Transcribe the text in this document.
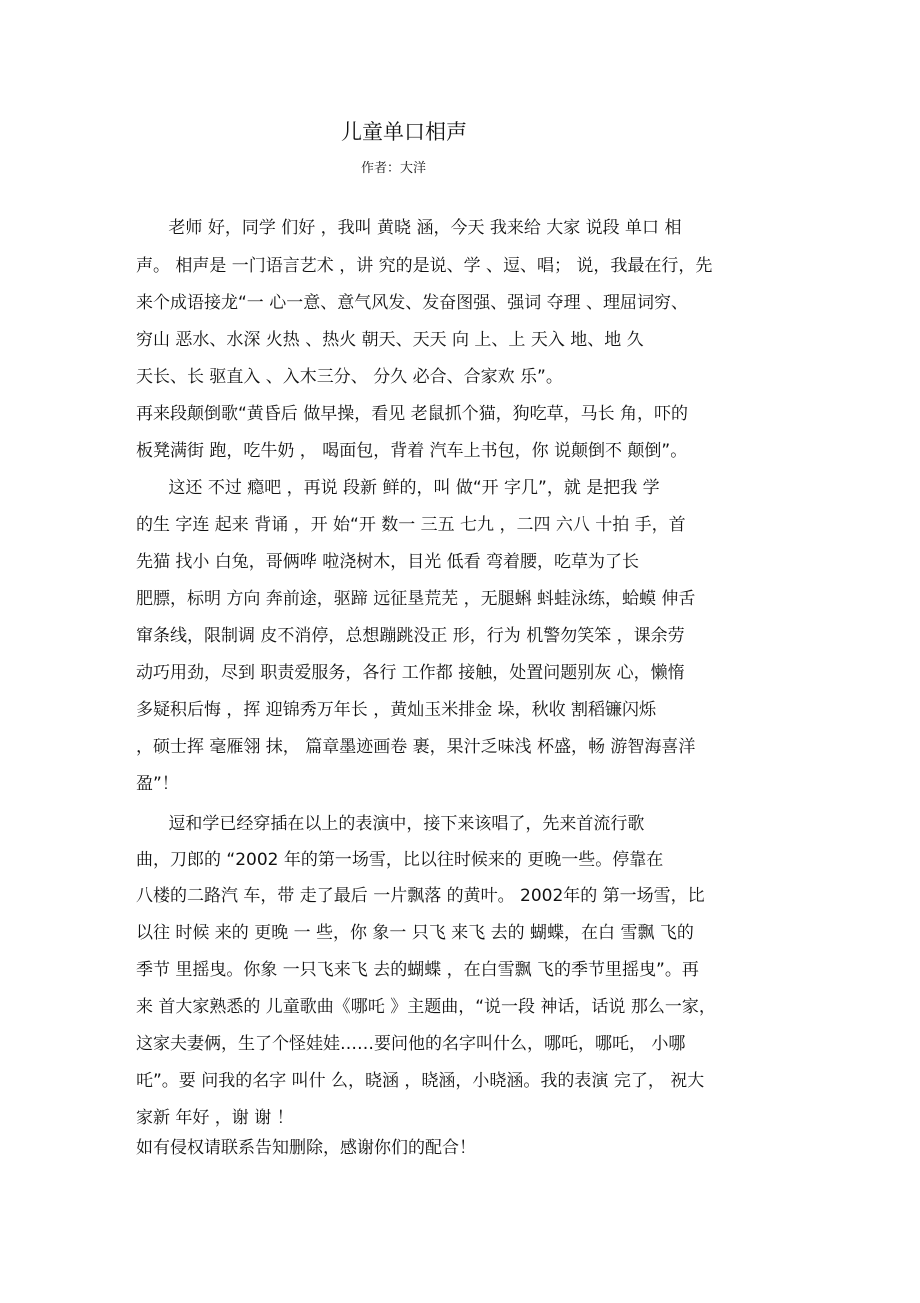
儿童单口相声
作者：大洋
老师 好，同学 们好 ，我叫 黄晓 涵，今天 我来给 大家 说段 单口 相
声。 相声是 一门语言艺术 ，讲 究的是说、学 、逗、唱； 说，我最在行，先
来个成语接龙“一 心一意、意气风发、发奋图强、强词 夺理 、理屈词穷、
穷山 恶水、水深 火热 、热火 朝天、天天 向 上、上 天入 地、地 久
天长、长 驱直入 、入木三分、 分久 必合、合家欢 乐”。
再来段颠倒歌“黄昏后 做早操，看见 老鼠抓个猫，狗吃草，马长 角，吓的
板凳满街 跑，吃牛奶 ， 喝面包，背着 汽车上书包，你 说颠倒不 颠倒”。
这还 不过 瘾吧 ，再说 段新 鲜的，叫 做“开 字几”，就 是把我 学
的生 字连 起来 背诵 ，开 始“开 数一 三五 七九 ，二四 六八 十拍 手，首
先猫 找小 白兔，哥俩哗 啦浇树木，目光 低看 弯着腰，吃草为了长
肥膘，标明 方向 奔前途，驱蹄 远征垦荒芜 ，无腿蝌 蚪蛙泳练，蛤蟆 伸舌
窜条线，限制调 皮不消停，总想蹦跳没正 形，行为 机警勿笑笨 ，课余劳
动巧用劲，尽到 职责爱服务，各行 工作都 接触，处置问题别灰 心，懒惰
多疑积后悔 ，挥 迎锦秀万年长 ，黄灿玉米排金 垛，秋收 割稻镰闪烁
，硕士挥 毫雁翎 抹， 篇章墨迹画卷 裹，果汁乏味浅 杯盛，畅 游智海喜洋
盈”！
逗和学已经穿插在以上的表演中，接下来该唱了，先来首流行歌
曲，刀郎的 “2002 年的第一场雪，比以往时候来的 更晚一些。停靠在
八楼的二路汽 车，带 走了最后 一片飘落 的黄叶。 2002年的 第一场雪，比
以往 时候 来的 更晚 一 些，你 象一 只飞 来飞 去的 蝴蝶，在白 雪飘 飞的
季节 里摇曳。你象 一只飞来飞 去的蝴蝶 ，在白雪飘 飞的季节里摇曳”。再
来 首大家熟悉的 儿童歌曲《哪吒 》主题曲，“说一段 神话，话说 那么一家，
这家夫妻俩，生了个怪娃娃……要问他的名字叫什么，哪吒，哪吒， 小哪
吒”。要 问我的名字 叫什 么，晓涵 ，晓涵，小晓涵。我的表演 完了， 祝大
家新 年好 ，谢 谢 ！
如有侵权请联系告知删除，感谢你们的配合！
